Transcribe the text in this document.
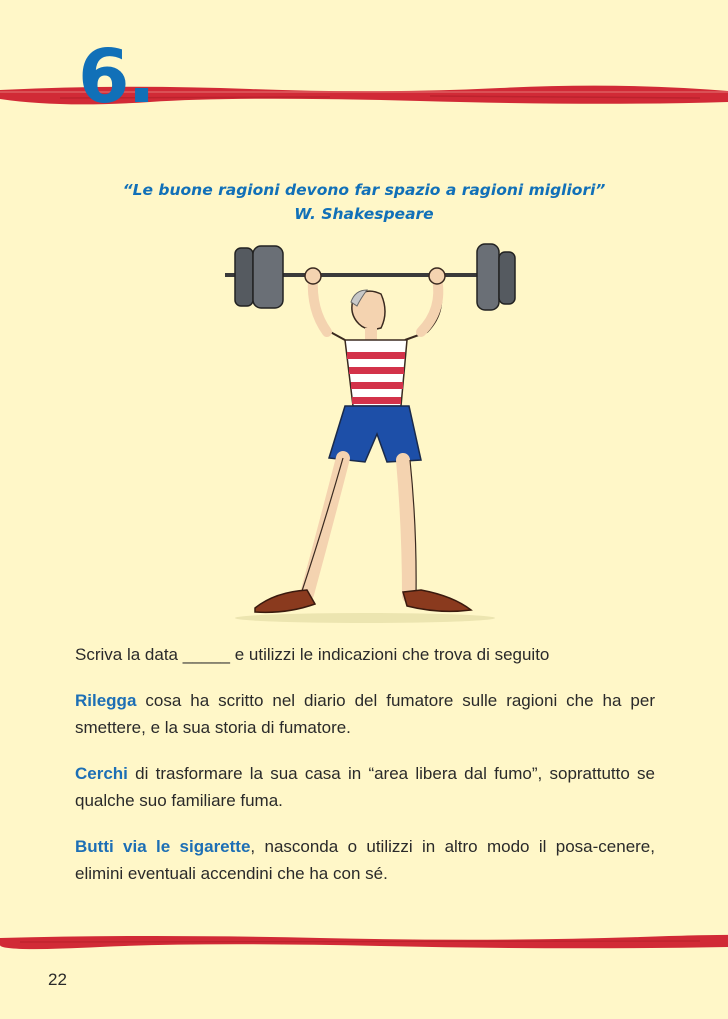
6.
“Le buone ragioni devono far spazio a ragioni migliori”
W. Shakespeare

Scriva la data _____ e utilizzi le indicazioni che trova di seguito

Rilegga cosa ha scritto nel diario del fumatore sulle ragioni che ha per smettere, e la sua storia di fumatore.

Cerchi di trasformare la sua casa in “area libera dal fumo”, soprattutto se qualche suo familiare fuma.

Butti via le sigarette, nasconda o utilizzi in altro modo il posa-cenere, elimini eventuali accendini che ha con sé.

22
